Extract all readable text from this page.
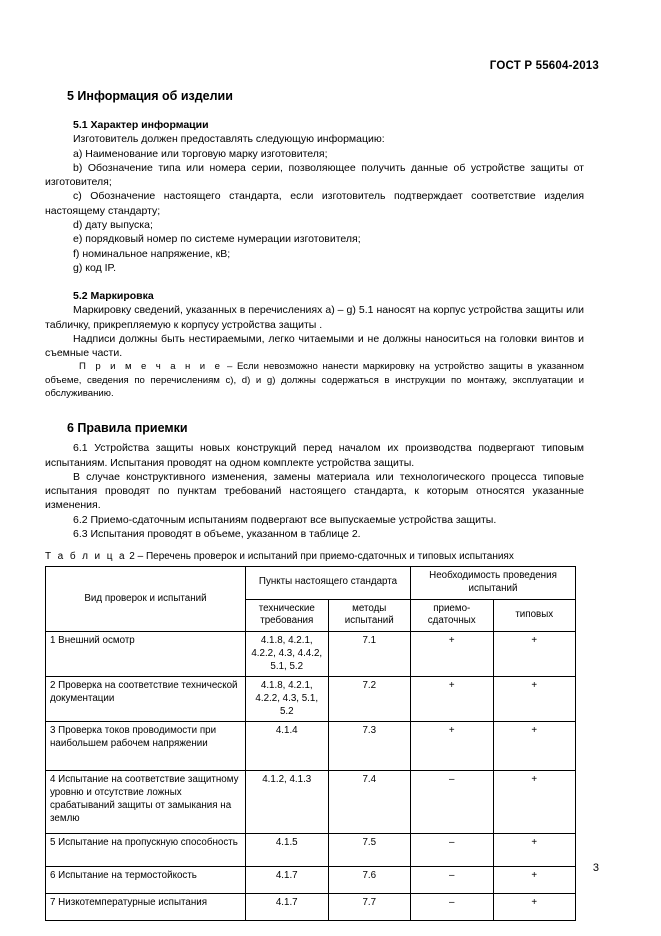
ГОСТ Р 55604-2013
5 Информация об изделии
5.1 Характер информации

Изготовитель должен предоставлять следующую информацию:

a) Наименование или торговую марку изготовителя;

b) Обозначение типа или номера серии, позволяющее получить данные об устройстве защиты от изготовителя;

c) Обозначение настоящего стандарта, если изготовитель подтверждает соответствие изделия настоящему стандарту;

d) дату выпуска;

e) порядковый номер по системе нумерации изготовителя;

f) номинальное напряжение, кВ;

g) код IP.

5.2 Маркировка

Маркировку сведений, указанных в перечислениях a) – g) 5.1 наносят на корпус устройства защиты или табличку, прикрепляемую к корпусу устройства защиты .

Надписи должны быть нестираемыми, легко читаемыми и не должны наноситься на головки винтов и съемные части.

П р и м е ч а н и е – Если невозможно нанести маркировку на устройство защиты в указанном объеме, сведения по перечислениям c), d) и g) должны содержаться в инструкции по монтажу, эксплуатации и обслуживанию.

6 Правила приемки

6.1 Устройства защиты новых конструкций перед началом их производства подвергают типовым испытаниям. Испытания проводят на одном комплекте устройства защиты.

В случае конструктивного изменения, замены материала или технологического процесса типовые испытания проводят по пунктам требований настоящего стандарта, к которым относятся указанные изменения.

6.2 Приемо-сдаточным испытаниям подвергают все выпускаемые устройства защиты.

6.3 Испытания проводят в объеме, указанном в таблице 2.

Т а б л и ц а 2 – Перечень проверок и испытаний при приемо-сдаточных и типовых испытаниях

Вид проверок и испытаний	Пункты настоящего стандарта		Необходимость проведения испытаний	
	технические требования	методы испытаний	приемо-сдаточных	типовых
1 Внешний осмотр	4.1.8, 4.2.1, 4.2.2, 4.3, 4.4.2, 5.1, 5.2	7.1	+	+
2 Проверка на соответствие технической документации	4.1.8, 4.2.1, 4.2.2, 4.3, 5.1, 5.2	7.2	+	+
3 Проверка токов проводимости при наибольшем рабочем напряжении	4.1.4	7.3	+	+
4 Испытание на соответствие защитному уровню и отсутствие ложных срабатываний защиты от замыкания на землю	4.1.2, 4.1.3	7.4	–	+
5 Испытание на пропускную способность	4.1.5	7.5	–	+
6 Испытание на термостойкость	4.1.7	7.6	–	+
7 Низкотемпературные испытания	4.1.7	7.7	–	+
3
